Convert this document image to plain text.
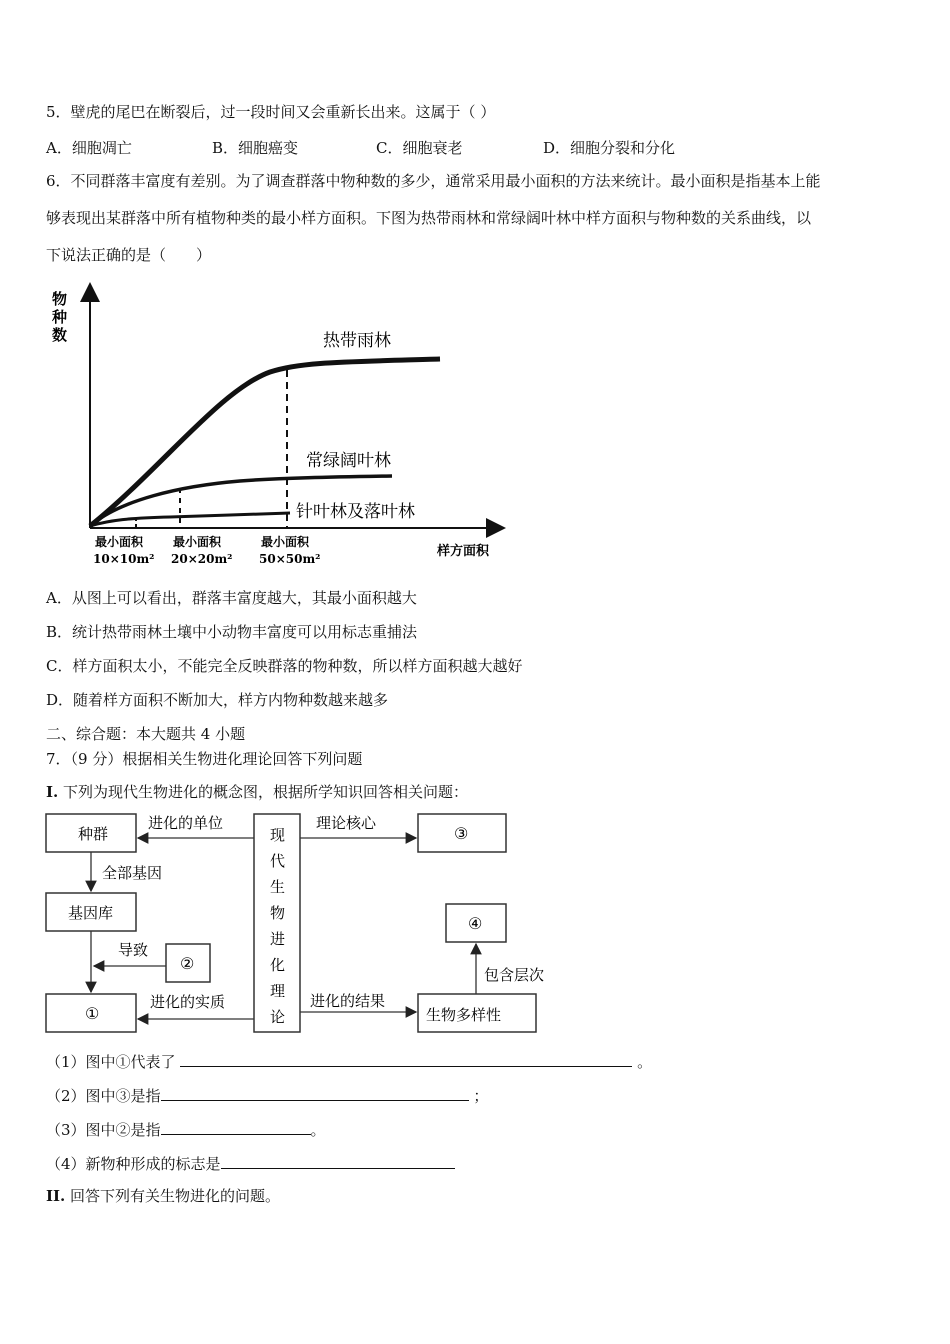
5．壁虎的尾巴在断裂后，过一段时间又会重新长出来。这属于（ ）
A．细胞凋亡	B．细胞癌变	C．细胞衰老	D．细胞分裂和分化
6．不同群落丰富度有差别。为了调查群落中物种数的多少，通常采用最小面积的方法来统计。最小面积是指基本上能
够表现出某群落中所有植物种类的最小样方面积。下图为热带雨林和常绿阔叶林中样方面积与物种数的关系曲线，以
下说法正确的是（　　）
物
种
数	热带雨林
常绿阔叶林
针叶林及落叶林
最小面积
10×10m²
最小面积
20×20m²
最小面积
50×50m²	样方面积
A．从图上可以看出，群落丰富度越大，其最小面积越大
B．统计热带雨林土壤中小动物丰富度可以用标志重捕法
C．样方面积太小，不能完全反映群落的物种数，所以样方面积越大越好
D．随着样方面积不断加大，样方内物种数越来越多
二、综合题：本大题共 4 小题
7．（9 分）根据相关生物进化理论回答下列问题
I. 下列为现代生物进化的概念图，根据所学知识回答相关问题：
种群
基因库
①
②
③
④
生物多样性
现
代
生
物
进
化
理
论
进化的单位
全部基因
导致
进化的实质
理论核心
进化的结果
包含层次
（1）图中①代表了	。
（2）图中③是指	；
（3）图中②是指	。
（4）新物种形成的标志是
II. 回答下列有关生物进化的问题。
